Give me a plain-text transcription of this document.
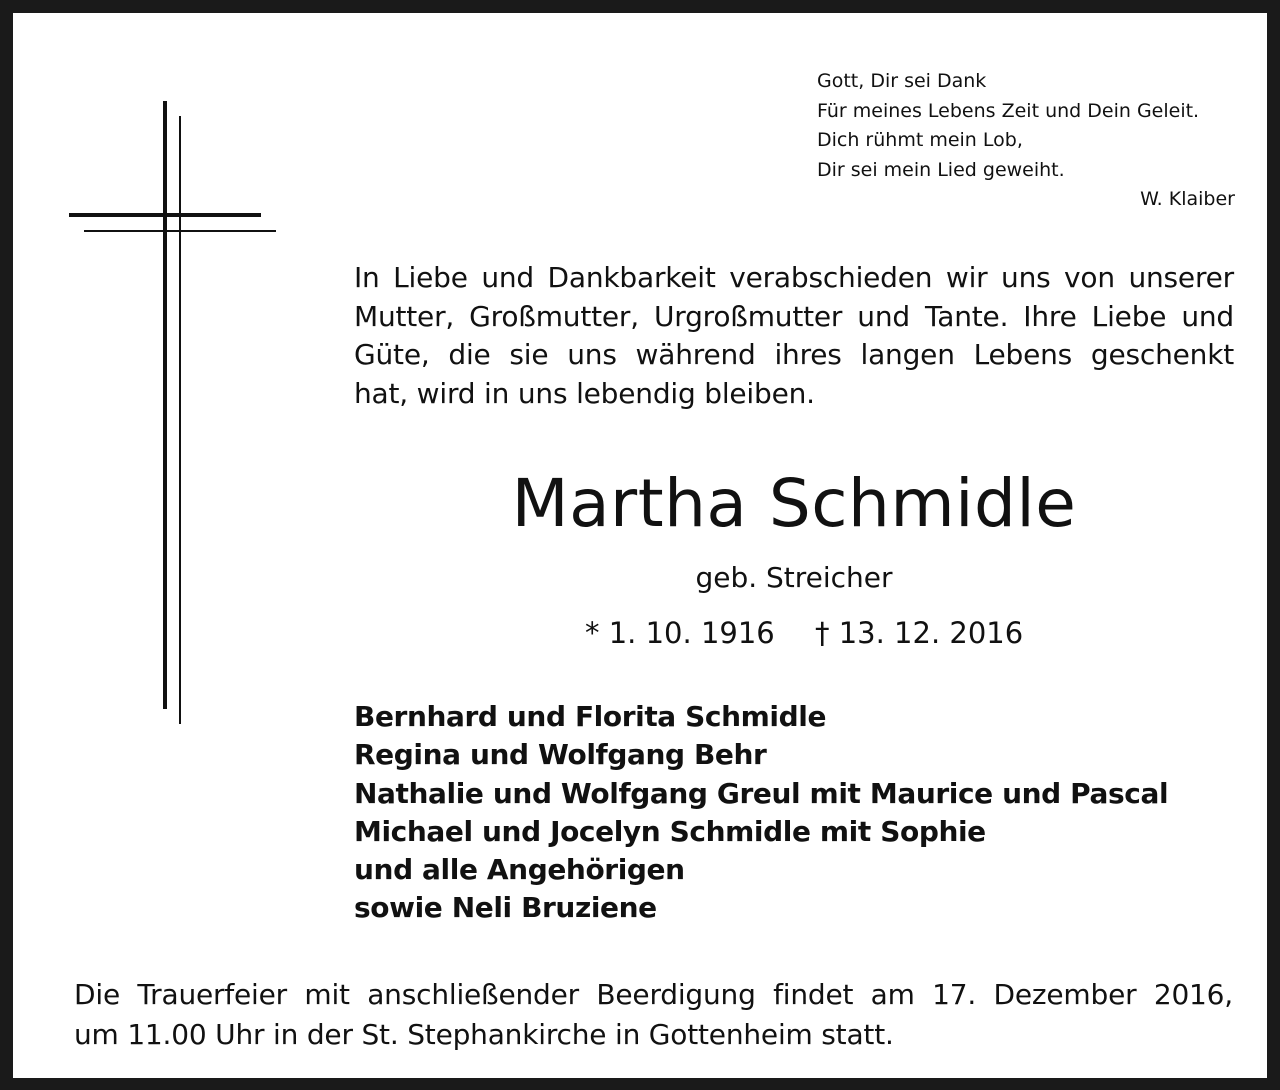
Gott, Dir sei Dank
Für meines Lebens Zeit und Dein Geleit.
Dich rühmt mein Lob,
Dir sei mein Lied geweiht.
W. Klaiber
In Liebe und Dankbarkeit verabschieden wir uns von unserer
Mutter, Großmutter, Urgroßmutter und Tante. Ihre Liebe und
Güte, die sie uns während ihres langen Lebens geschenkt
hat, wird in uns lebendig bleiben.
Martha Schmidle
geb. Streicher
* 1. 10. 1916 † 13. 12. 2016
Bernhard und Florita Schmidle
Regina und Wolfgang Behr
Nathalie und Wolfgang Greul mit Maurice und Pascal
Michael und Jocelyn Schmidle mit Sophie
und alle Angehörigen
sowie Neli Bruziene
Die Trauerfeier mit anschließender Beerdigung findet am 17. Dezember 2016,
um 11.00 Uhr in der St. Stephankirche in Gottenheim statt.
